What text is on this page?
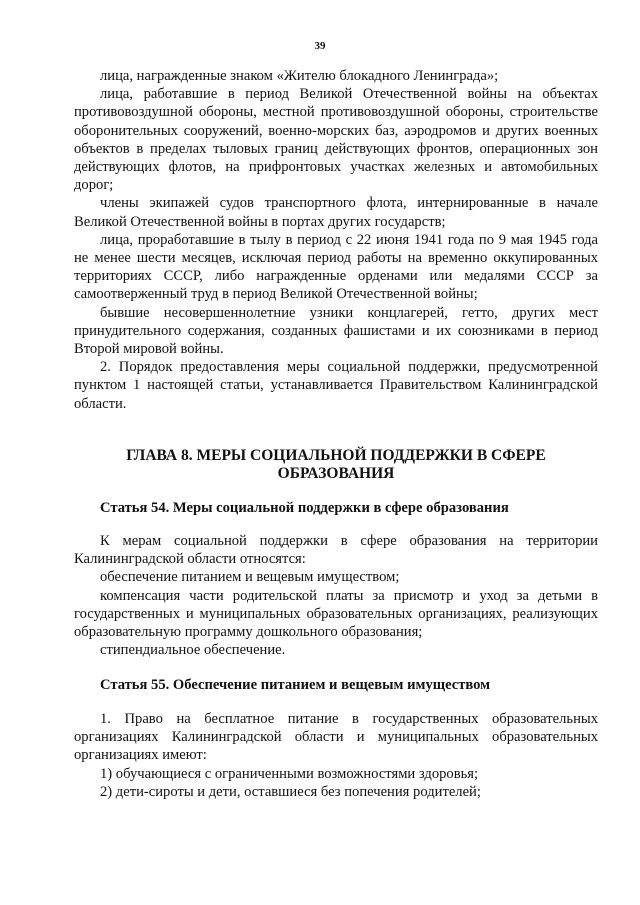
39

лица, награжденные знаком «Жителю блокадного Ленинграда»;

лица, работавшие в период Великой Отечественной войны на объектах противовоздушной обороны, местной противовоздушной обороны, строительстве оборонительных сооружений, военно-морских баз, аэродромов и других военных объектов в пределах тыловых границ действующих фронтов, операционных зон действующих флотов, на прифронтовых участках железных и автомобильных дорог;

члены экипажей судов транспортного флота, интернированные в начале Великой Отечественной войны в портах других государств;

лица, проработавшие в тылу в период с 22 июня 1941 года по 9 мая 1945 года не менее шести месяцев, исключая период работы на временно оккупированных территориях СССР, либо награжденные орденами или медалями СССР за самоотверженный труд в период Великой Отечественной войны;

бывшие несовершеннолетние узники концлагерей, гетто, других мест принудительного содержания, созданных фашистами и их союзниками в период Второй мировой войны.

2. Порядок предоставления меры социальной поддержки, предусмотренной пунктом 1 настоящей статьи, устанавливается Правительством Калининградской области.

ГЛАВА 8. МЕРЫ СОЦИАЛЬНОЙ ПОДДЕРЖКИ В СФЕРЕ
ОБРАЗОВАНИЯ
Статья 54. Меры социальной поддержки в сфере образования

К мерам социальной поддержки в сфере образования на территории Калининградской области относятся:

обеспечение питанием и вещевым имуществом;

компенсация части родительской платы за присмотр и уход за детьми в государственных и муниципальных образовательных организациях, реализующих образовательную программу дошкольного образования;

стипендиальное обеспечение.

Статья 55. Обеспечение питанием и вещевым имуществом

1. Право на бесплатное питание в государственных образовательных организациях Калининградской области и муниципальных образовательных организациях имеют:

1) обучающиеся с ограниченными возможностями здоровья;

2) дети-сироты и дети, оставшиеся без попечения родителей;
